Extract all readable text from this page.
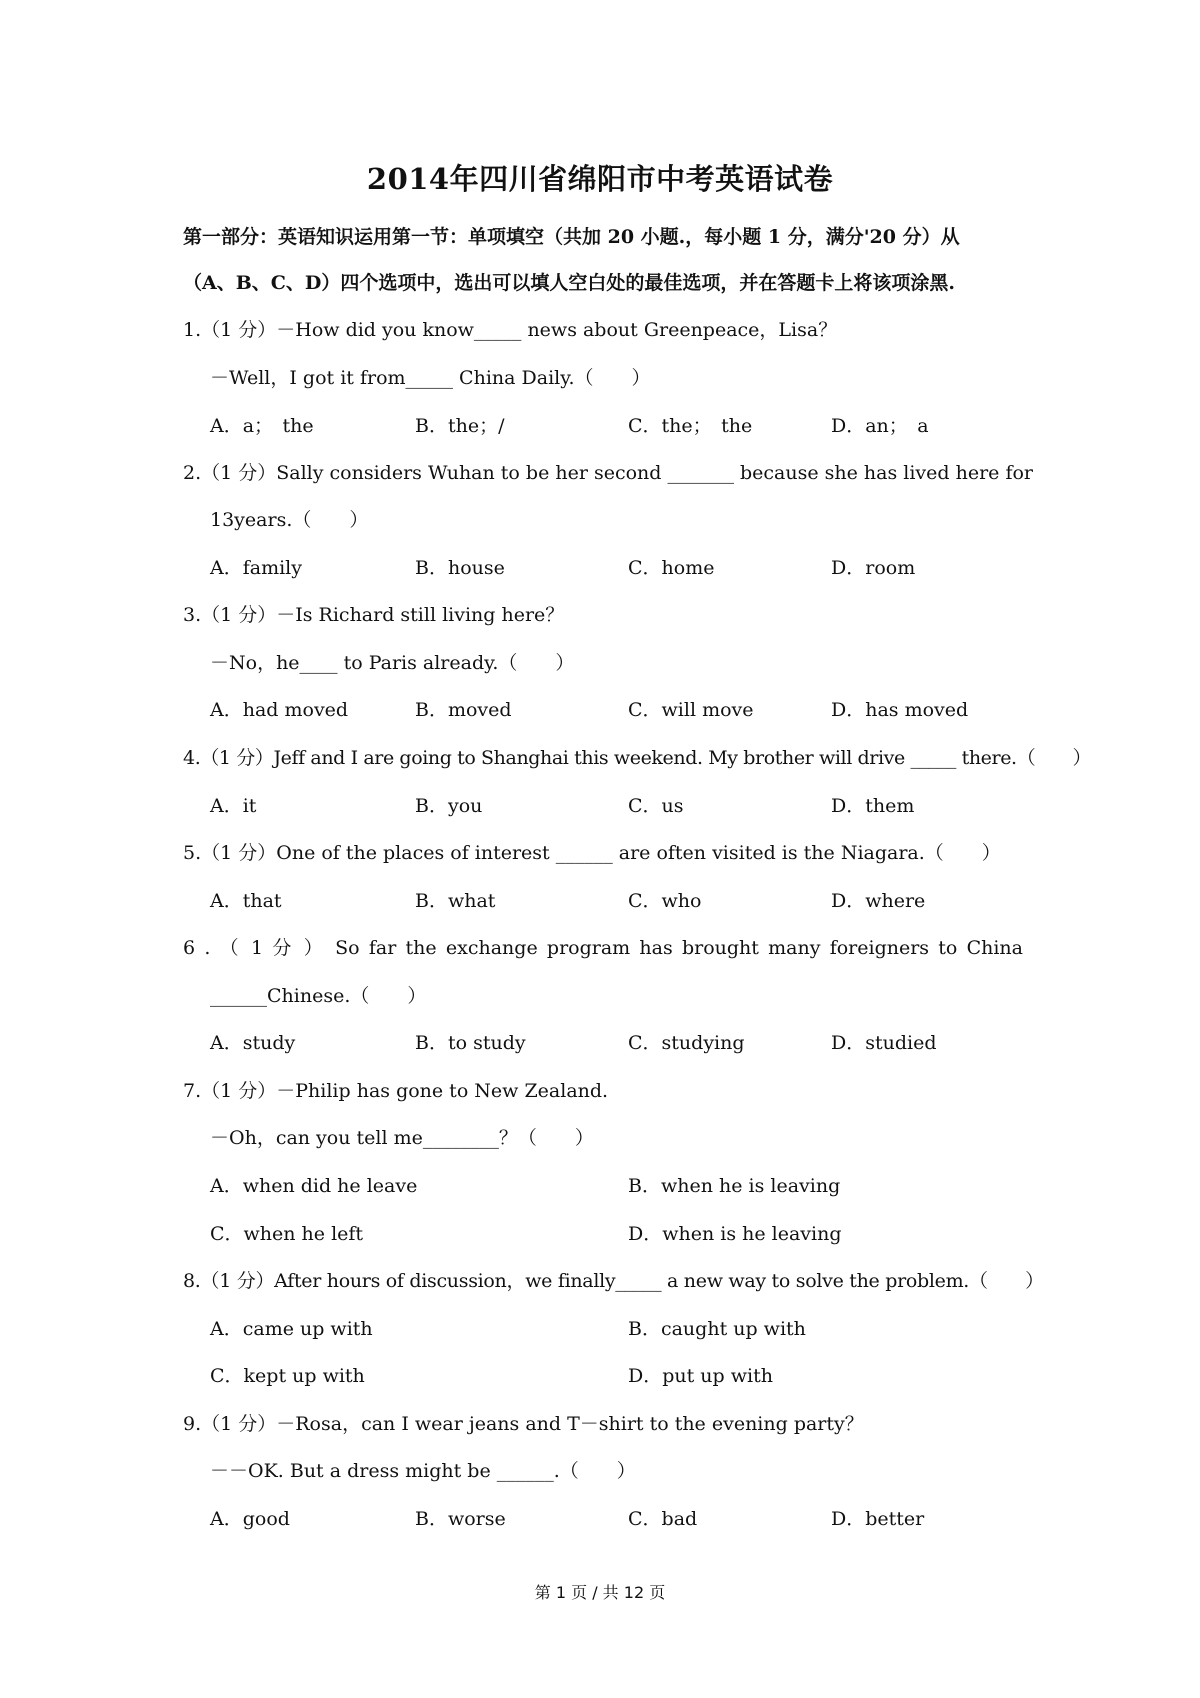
2014年四川省绵阳市中考英语试卷
第一部分：英语知识运用第一节：单项填空（共加 20 小题.，每小题 1 分，满分'20 分）从
（A、B、C、D）四个选项中，选出可以填人空白处的最佳选项，并在答题卡上将该项涂黑.
1.（1 分）－How did you know_____ news about Greenpeace，Lisa？
－Well，I got it from_____ China Daily.（　　）
A．a；　the	B．the；/	C．the；　the	D．an；　a
2.（1 分）Sally considers Wuhan to be her second _______ because she has lived here for
13years.（　　）
A．family	B．house	C．home	D．room
3.（1 分）－Is Richard still living here？
－No，he____ to Paris already.（　　）
A．had moved	B．moved	C．will move	D．has moved
4.（1 分）Jeff and I are going to Shanghai this weekend. My brother will drive _____ there.（　　）
A．it	B．you	C．us	D．them
5.（1 分）One of the places of interest ______ are often visited is the Niagara.（　　）
A．that	B．what	C．who	D．where
6 . （ 1 分 ） So far the exchange program has brought many foreigners to China
______Chinese.（　　）
A．study	B．to study	C．studying	D．studied
7.（1 分）－Philip has gone to New Zealand.
－Oh，can you tell me________？（　　）
A．when did he leave	B．when he is leaving
C．when he left	D．when is he leaving
8.（1 分）After hours of discussion，we finally_____ a new way to solve the problem.（　　）
A．came up with	B．caught up with
C．kept up with	D．put up with
9.（1 分）－Rosa，can I wear jeans and T－shirt to the evening party？
－－OK. But a dress might be ______.（　　）
A．good	B．worse	C．bad	D．better
第 1 页 / 共 12 页
